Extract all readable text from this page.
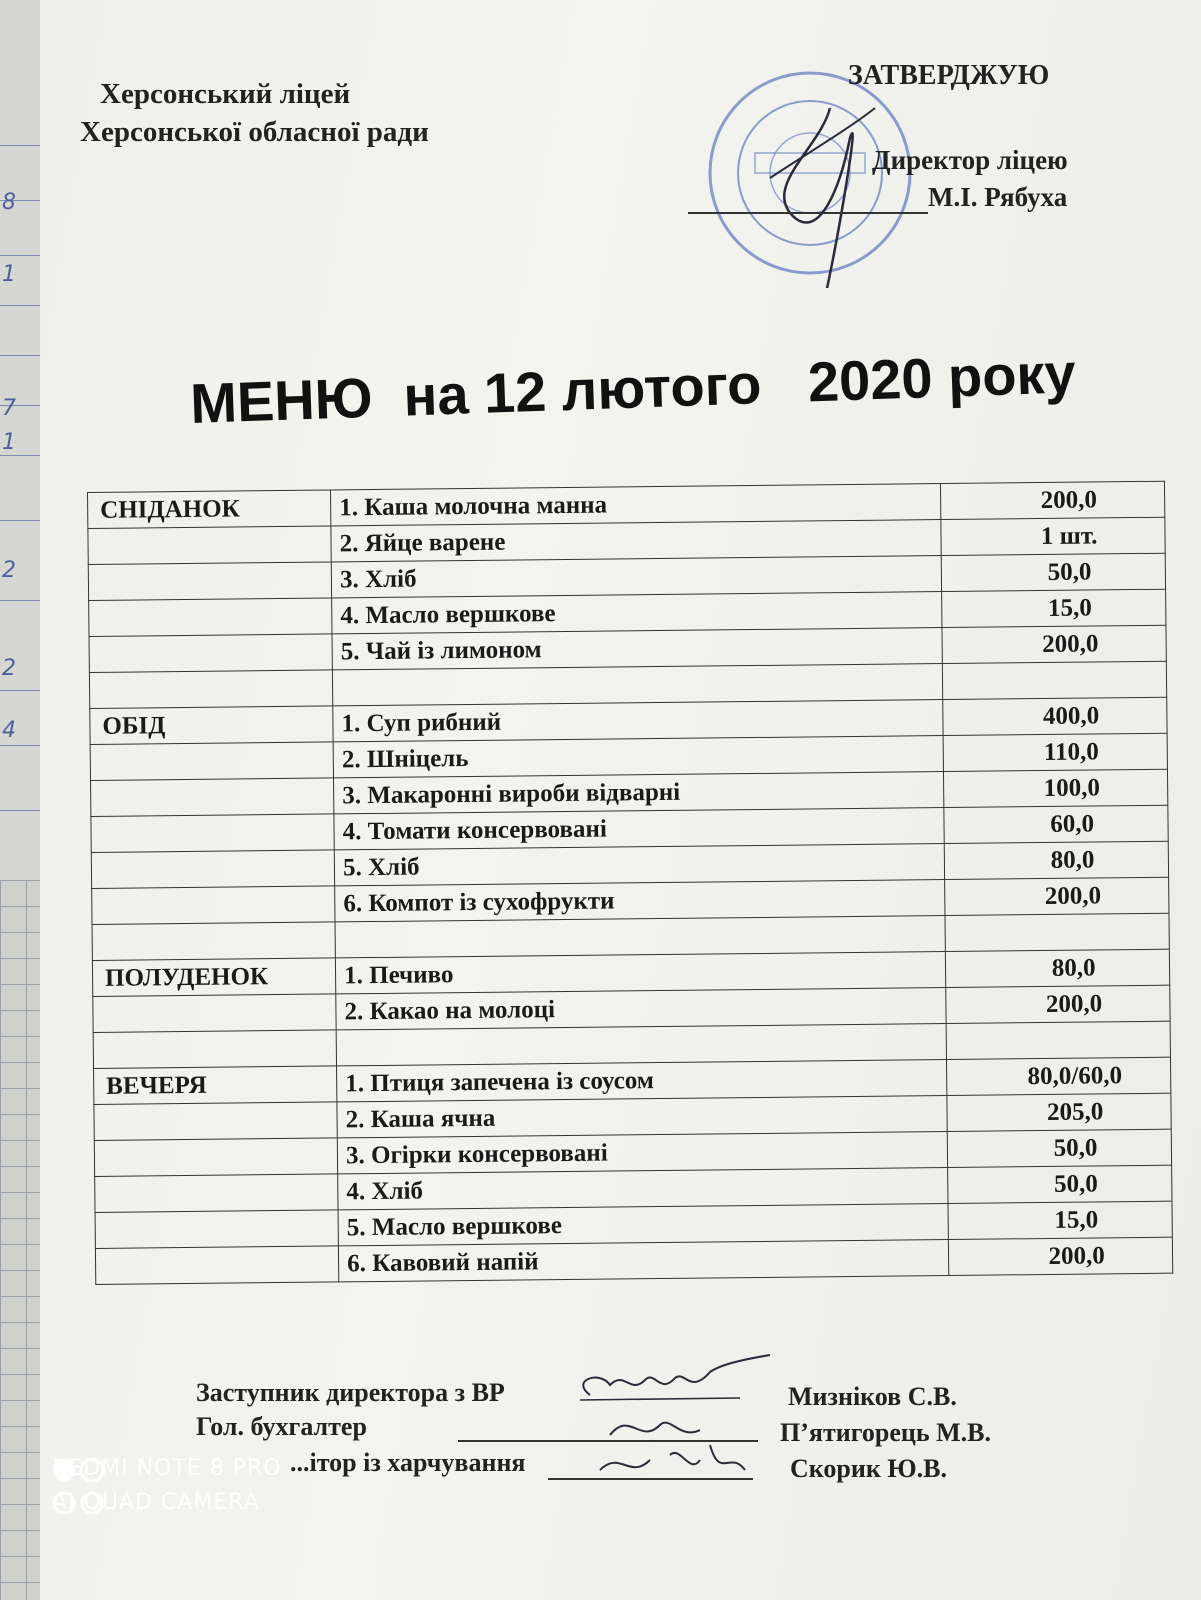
8
1
7
1
2
2
4
Херсонський ліцей
Херсонської обласної ради
ЗАТВЕРДЖУЮ
Директор ліцею
М.І. Рябуха
МЕНЮ  на 12 лютого   2020 року
СНІДАНОК	1. Каша молочна манна	200,0
	2. Яйце варене	1 шт.
	3. Хліб	50,0
	4. Масло вершкове	15,0
	5. Чай із лимоном	200,0

ОБІД	1. Суп рибний	400,0
	2. Шніцель	110,0
	3. Макаронні вироби відварні	100,0
	4. Томати консервовані	60,0
	5. Хліб	80,0
	6. Компот із сухофрукти	200,0

ПОЛУДЕНОК	1. Печиво	80,0
	2. Какао на молоці	200,0

ВЕЧЕРЯ	1. Птиця запечена із соусом	80,0/60,0
	2. Каша ячна	205,0
	3. Огірки консервовані	50,0
	4. Хліб	50,0
	5. Масло вершкове	15,0
	6. Кавовий напій	200,0
Заступник директора з ВР	Мизніков С.В.
Гол. бухгалтер	П’ятигорець М.В.
...ітор із харчування	Скорик Ю.В.
REDMI NOTE 8 PRO
AI QUAD CAMERA
